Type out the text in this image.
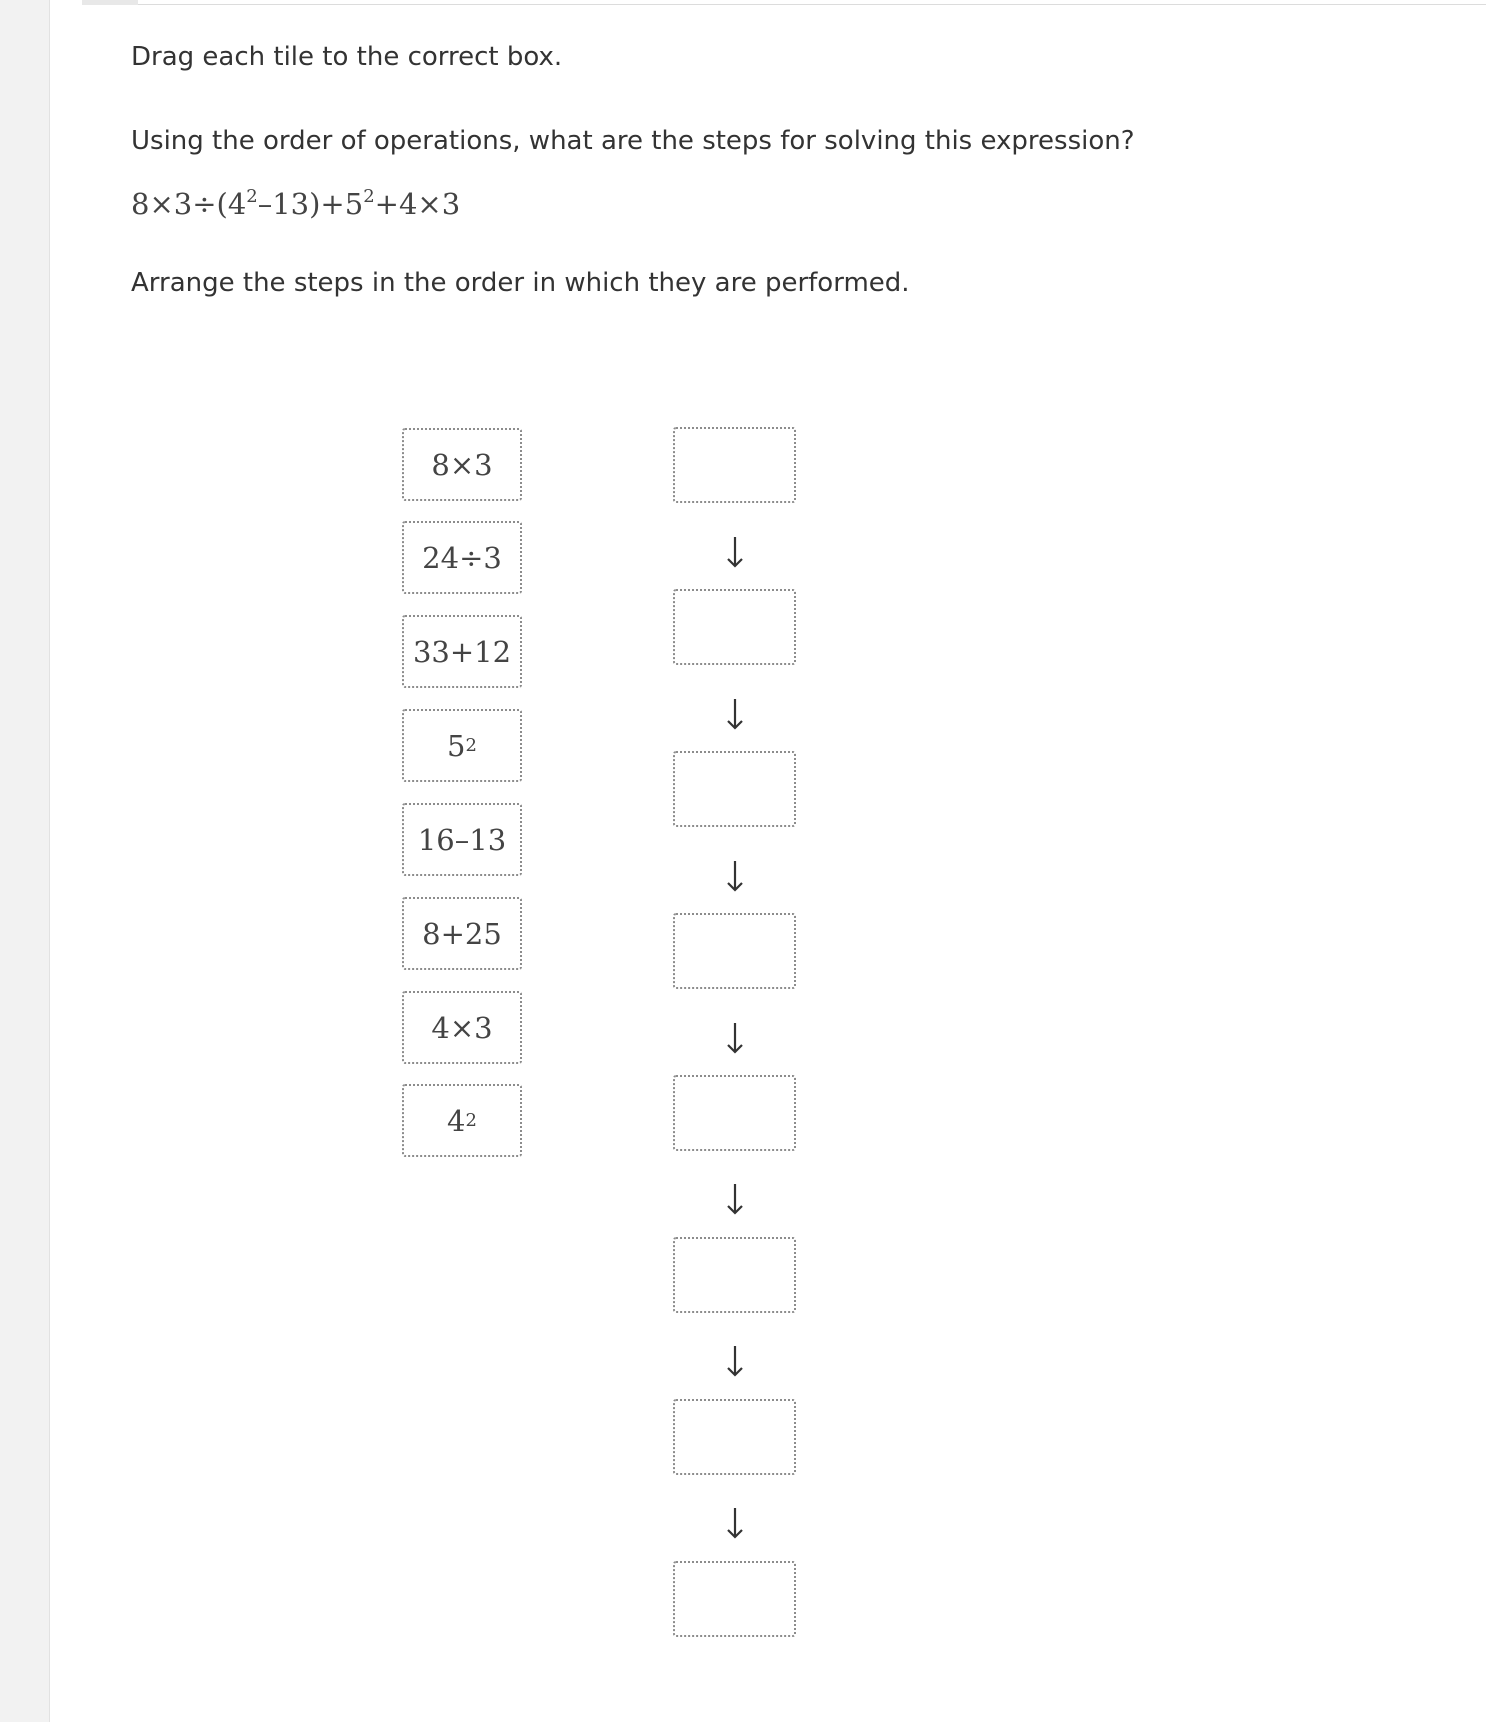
Drag each tile to the correct box.
Using the order of operations, what are the steps for solving this expression?
$8\times 3\div(4^2-13)+5^2+4\times 3$
Arrange the steps in the order in which they are performed.
8×3
24÷3
33+12
5 2
16–13
8+25
4×3
4 2
